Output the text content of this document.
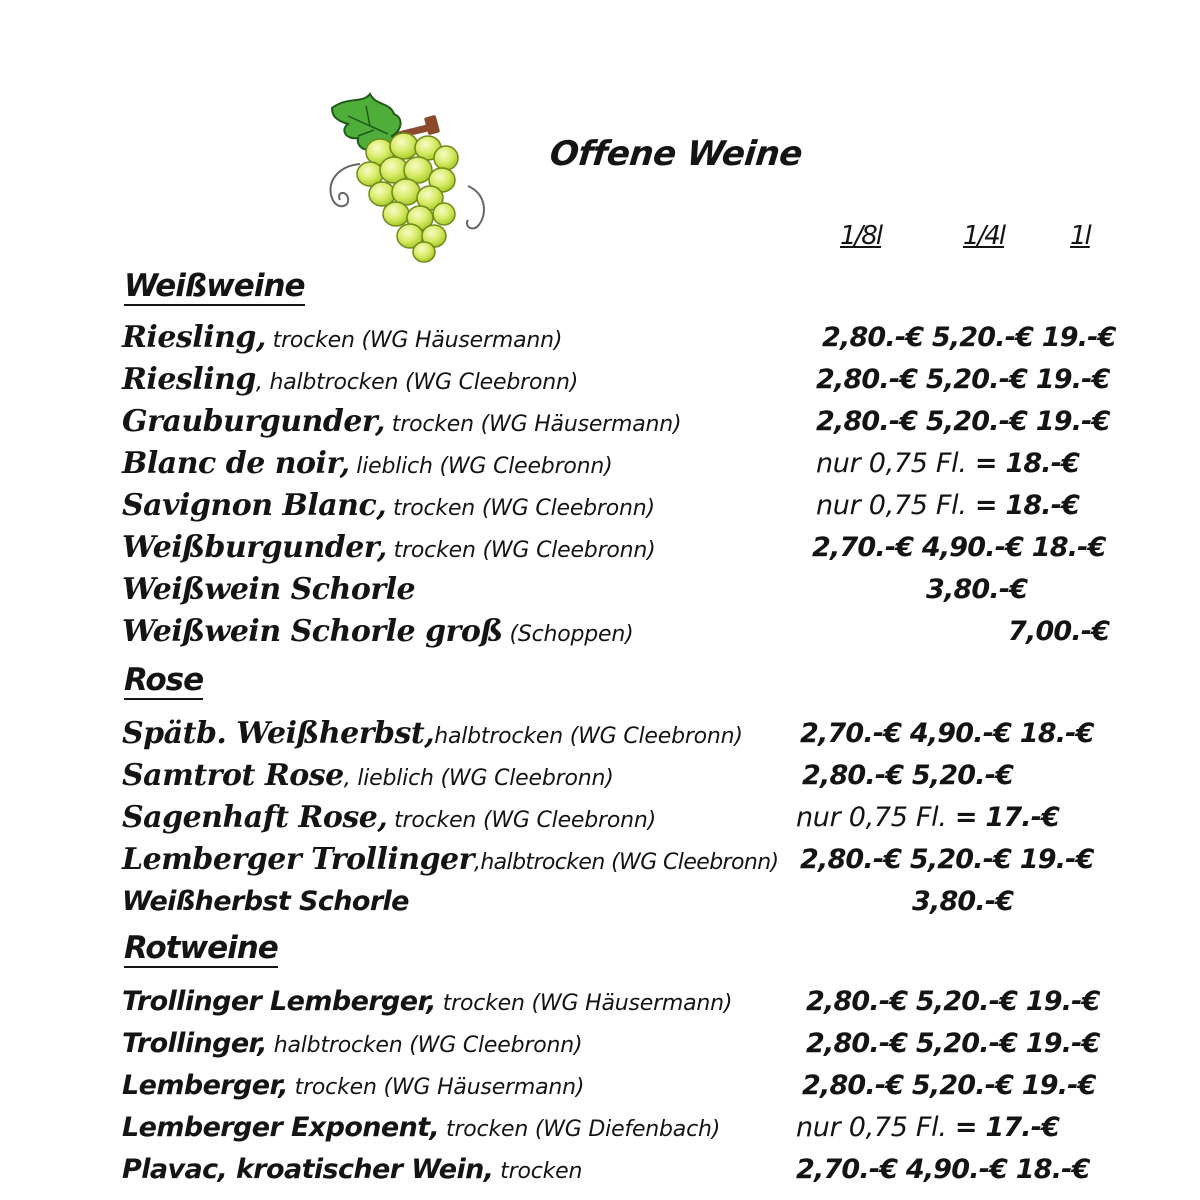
Offene Weine
1/8l	1/4l	1l
Weißweine
Riesling, trocken (WG Häusermann)	2,80.-€ 5,20.-€ 19.-€
Riesling, halbtrocken (WG Cleebronn)	2,80.-€ 5,20.-€ 19.-€
Grauburgunder, trocken (WG Häusermann)	2,80.-€ 5,20.-€ 19.-€
Blanc de noir, lieblich (WG Cleebronn)	nur 0,75 Fl. = 18.-€
Savignon Blanc, trocken (WG Cleebronn)	nur 0,75 Fl. = 18.-€
Weißburgunder, trocken (WG Cleebronn)	2,70.-€ 4,90.-€ 18.-€
Weißwein Schorle	3,80.-€
Weißwein Schorle groß (Schoppen)	7,00.-€
Rose
Spätb. Weißherbst,halbtrocken (WG Cleebronn) 2,70.-€ 4,90.-€ 18.-€
Samtrot Rose, lieblich (WG Cleebronn)	2,80.-€ 5,20.-€
Sagenhaft Rose, trocken (WG Cleebronn)	nur 0,75 Fl. = 17.-€
Lemberger Trollinger,halbtrocken (WG Cleebronn) 2,80.-€ 5,20.-€ 19.-€
Weißherbst Schorle	3,80.-€
Rotweine
Trollinger Lemberger, trocken (WG Häusermann)	2,80.-€ 5,20.-€ 19.-€
Trollinger, halbtrocken (WG Cleebronn)	2,80.-€ 5,20.-€ 19.-€
Lemberger, trocken (WG Häusermann)	2,80.-€ 5,20.-€ 19.-€
Lemberger Exponent, trocken (WG Diefenbach)	nur 0,75 Fl. = 17.-€
Plavac, kroatischer Wein, trocken	2,70.-€ 4,90.-€ 18.-€
